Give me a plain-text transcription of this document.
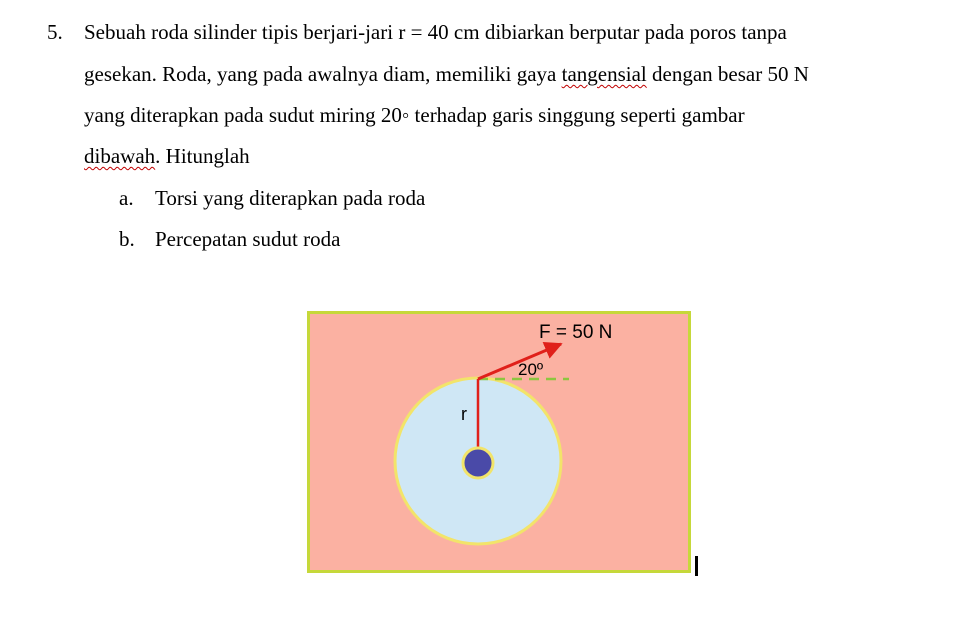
5. Sebuah roda silinder tipis berjari-jari r = 40 cm dibiarkan berputar pada poros tanpa
gesekan. Roda, yang pada awalnya diam, memiliki gaya tangensial dengan besar 50 N
yang diterapkan pada sudut miring 20◦ terhadap garis singgung seperti gambar
dibawah. Hitunglah
a. Torsi yang diterapkan pada roda
b. Percepatan sudut roda
F = 50 N
20º
r
